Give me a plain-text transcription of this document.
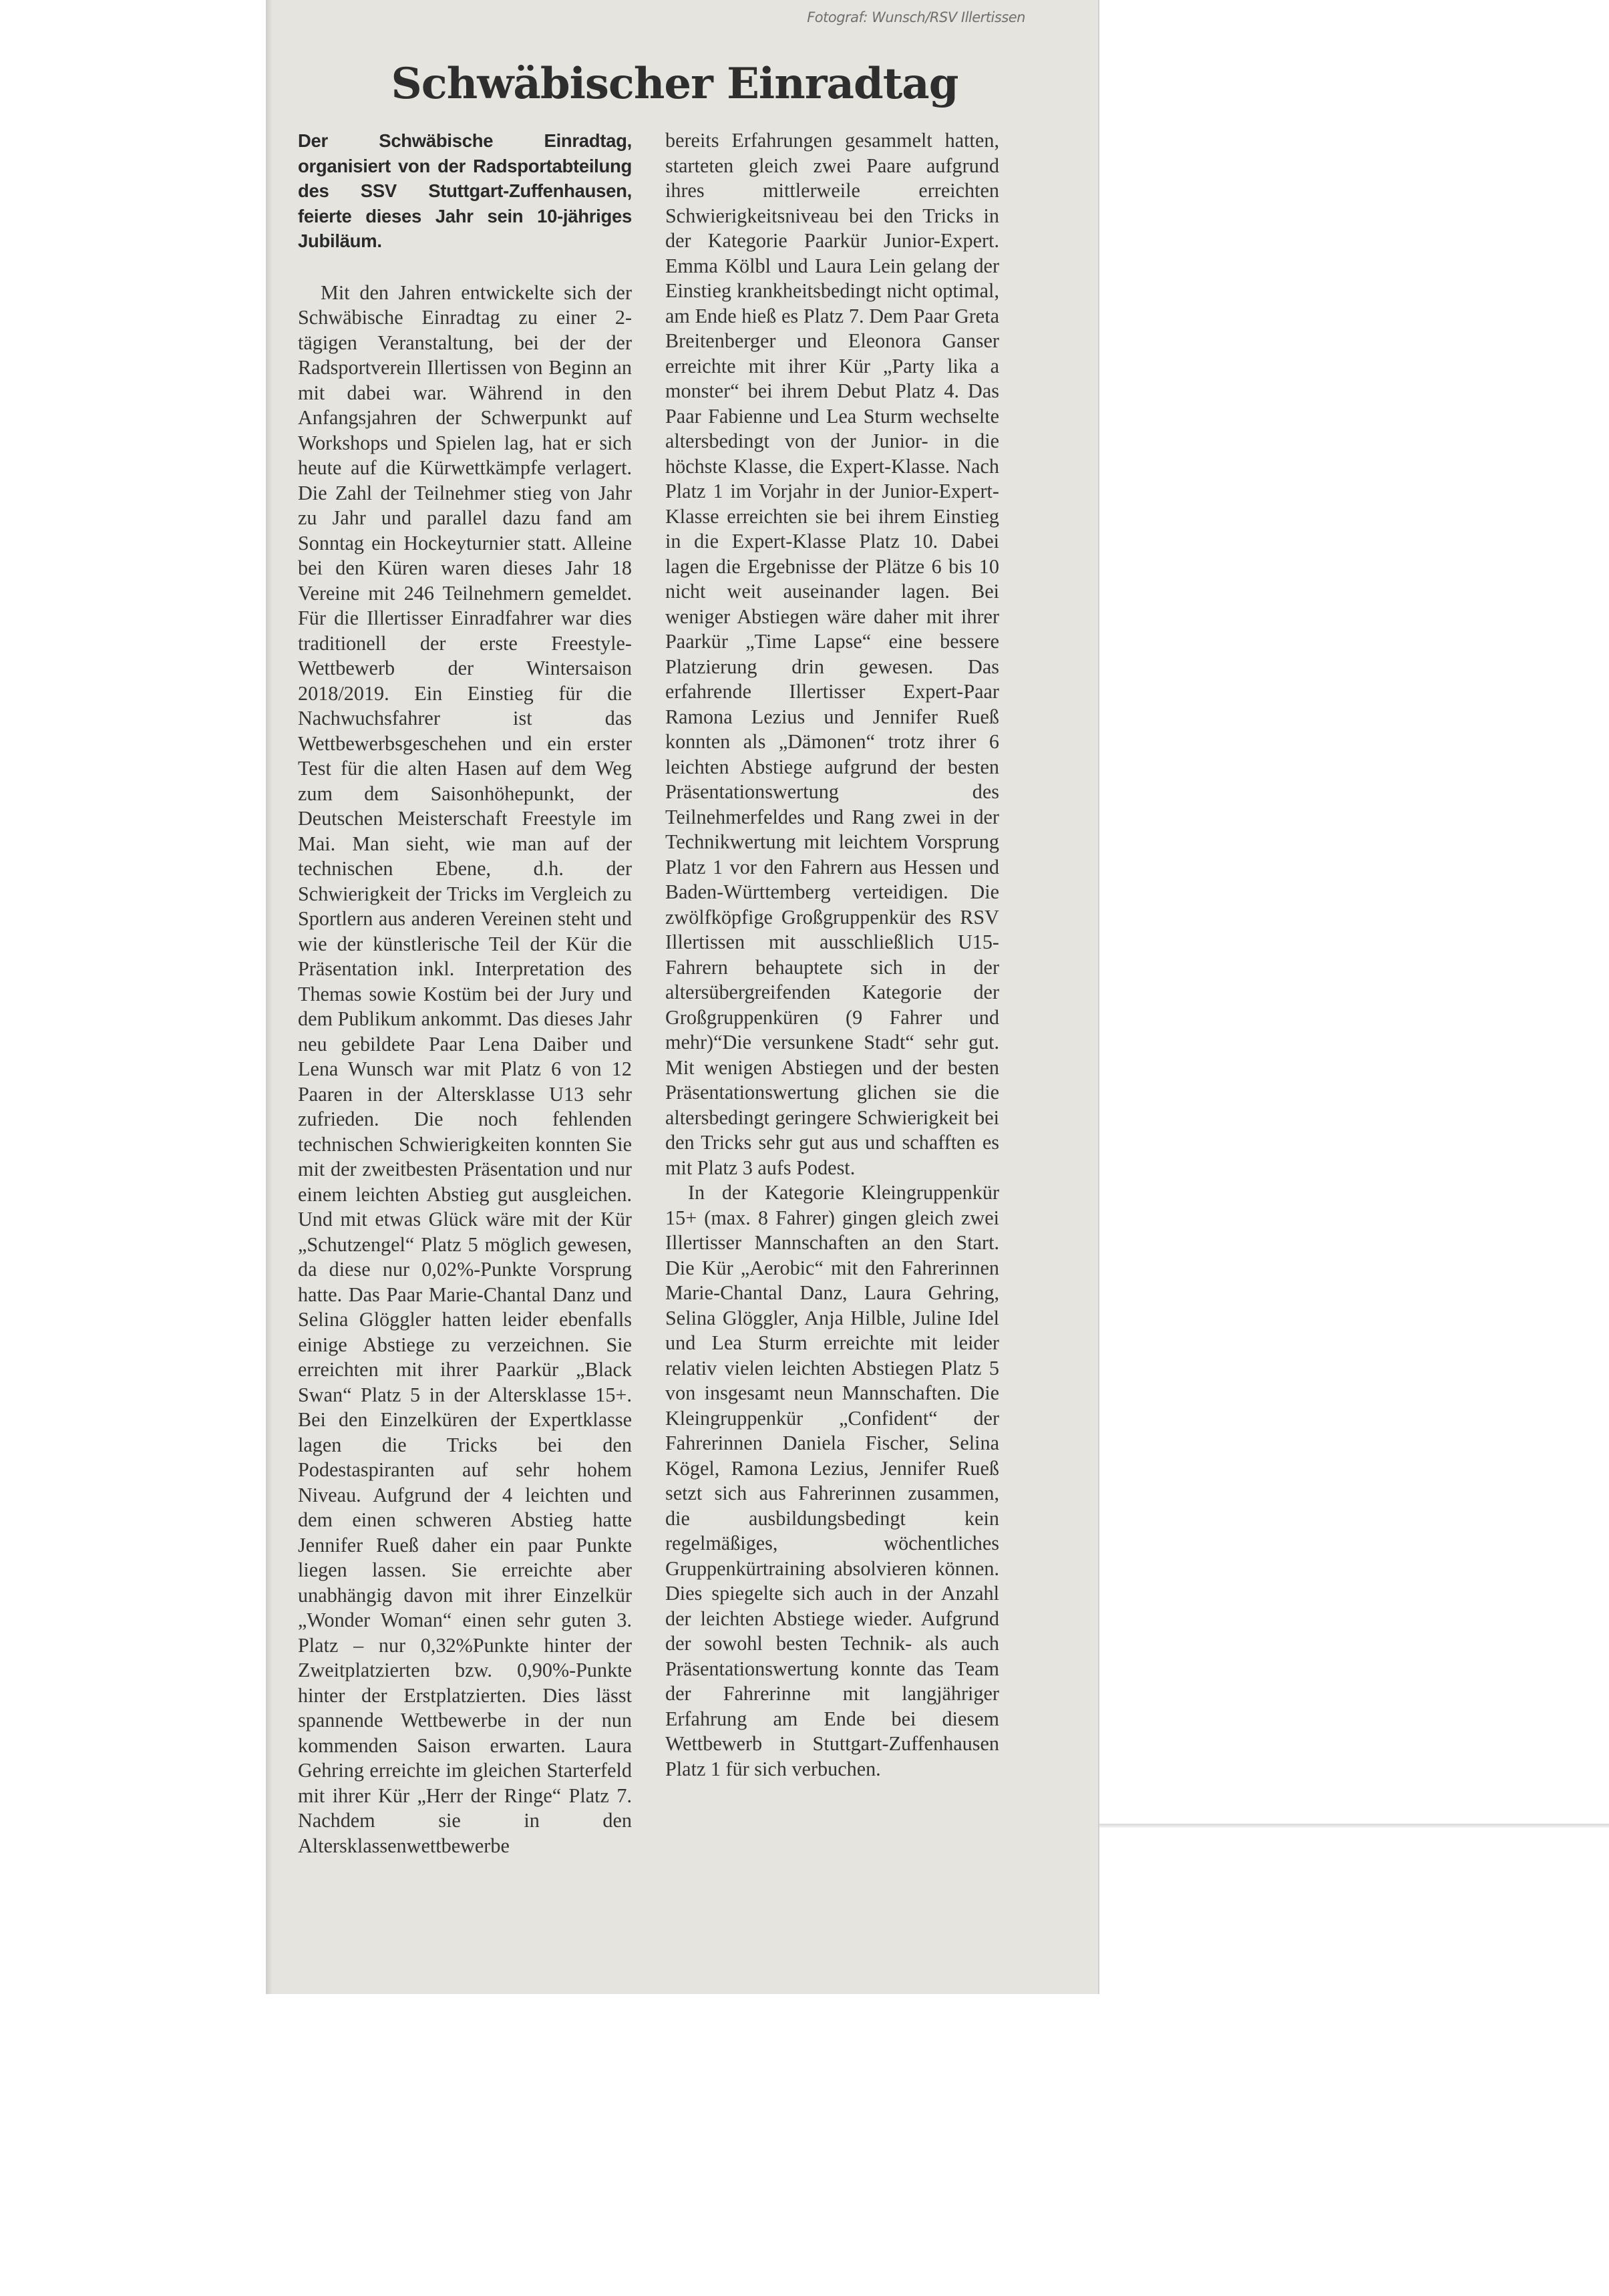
Fotograf: Wunsch/RSV Illertissen
Schwäbischer Einradtag

Der Schwäbische Einradtag, organisiert von der Radsportabteilung des SSV Stuttgart-Zuffenhausen, feierte dieses Jahr sein 10-jähriges Jubiläum.

Mit den Jahren entwickelte sich der Schwäbische Einradtag zu einer 2-tägigen Veranstaltung, bei der der Radsportverein Illertissen von Beginn an mit dabei war. Während in den Anfangsjahren der Schwerpunkt auf Workshops und Spielen lag, hat er sich heute auf die Kürwettkämpfe verlagert. Die Zahl der Teilnehmer stieg von Jahr zu Jahr und parallel dazu fand am Sonntag ein Hockeyturnier statt. Alleine bei den Küren waren dieses Jahr 18 Vereine mit 246 Teilnehmern gemeldet. Für die Illertisser Einradfahrer war dies traditionell der erste Freestyle-Wettbewerb der Wintersaison 2018/2019. Ein Einstieg für die Nachwuchsfahrer ist das Wettbewerbsgeschehen und ein erster Test für die alten Hasen auf dem Weg zum dem Saisonhöhepunkt, der Deutschen Meisterschaft Freestyle im Mai. Man sieht, wie man auf der technischen Ebene, d.h. der Schwierigkeit der Tricks im Vergleich zu Sportlern aus anderen Vereinen steht und wie der künstlerische Teil der Kür die Präsentation inkl. Interpretation des Themas sowie Kostüm bei der Jury und dem Publikum ankommt. Das dieses Jahr neu gebildete Paar Lena Daiber und Lena Wunsch war mit Platz 6 von 12 Paaren in der Altersklasse U13 sehr zufrieden. Die noch fehlenden technischen Schwierigkeiten konnten Sie mit der zweitbesten Präsentation und nur einem leichten Abstieg gut ausgleichen. Und mit etwas Glück wäre mit der Kür „Schutzengel“ Platz 5 möglich gewesen, da diese nur 0,02%-Punkte Vorsprung hatte. Das Paar Marie-Chantal Danz und Selina Glöggler hatten leider ebenfalls einige Abstiege zu verzeichnen. Sie erreichten mit ihrer Paarkür „Black Swan“ Platz 5 in der Altersklasse 15+. Bei den Einzelküren der Expertklasse lagen die Tricks bei den Podestaspiranten auf sehr hohem Niveau. Aufgrund der 4 leichten und dem einen schweren Abstieg hatte Jennifer Rueß daher ein paar Punkte liegen lassen. Sie erreichte aber unabhängig davon mit ihrer Einzelkür „Wonder Woman“ einen sehr guten 3. Platz – nur 0,32%Punkte hinter der Zweitplatzierten bzw. 0,90%-Punkte hinter der Erstplatzierten. Dies lässt spannende Wettbewerbe in der nun kommenden Saison erwarten. Laura Gehring erreichte im gleichen Starterfeld mit ihrer Kür „Herr der Ringe“ Platz 7. Nachdem sie in den Altersklassenwettbewerbe

bereits Erfahrungen gesammelt hatten, starteten gleich zwei Paare aufgrund ihres mittlerweile erreichten Schwierigkeitsniveau bei den Tricks in der Kategorie Paarkür Junior-Expert. Emma Kölbl und Laura Lein gelang der Einstieg krankheitsbedingt nicht optimal, am Ende hieß es Platz 7. Dem Paar Greta Breitenberger und Eleonora Ganser erreichte mit ihrer Kür „Party lika a monster“ bei ihrem Debut Platz 4. Das Paar Fabienne und Lea Sturm wechselte altersbedingt von der Junior- in die höchste Klasse, die Expert-Klasse. Nach Platz 1 im Vorjahr in der Junior-Expert-Klasse erreichten sie bei ihrem Einstieg in die Expert-Klasse Platz 10. Dabei lagen die Ergebnisse der Plätze 6 bis 10 nicht weit auseinander lagen. Bei weniger Abstiegen wäre daher mit ihrer Paarkür „Time Lapse“ eine bessere Platzierung drin gewesen. Das erfahrende Illertisser Expert-Paar Ramona Lezius und Jennifer Rueß konnten als „Dämonen“ trotz ihrer 6 leichten Abstiege aufgrund der besten Präsentationswertung des Teilnehmerfeldes und Rang zwei in der Technikwertung mit leichtem Vorsprung Platz 1 vor den Fahrern aus Hessen und Baden-Württemberg verteidigen. Die zwölfköpfige Großgruppenkür des RSV Illertissen mit ausschließlich U15-Fahrern behauptete sich in der altersübergreifenden Kategorie der Großgruppenküren (9 Fahrer und mehr)“Die versunkene Stadt“ sehr gut. Mit wenigen Abstiegen und der besten Präsentationswertung glichen sie die altersbedingt geringere Schwierigkeit bei den Tricks sehr gut aus und schafften es mit Platz 3 aufs Podest.

In der Kategorie Kleingruppenkür 15+ (max. 8 Fahrer) gingen gleich zwei Illertisser Mannschaften an den Start. Die Kür „Aerobic“ mit den Fahrerinnen Marie-Chantal Danz, Laura Gehring, Selina Glöggler, Anja Hilble, Juline Idel und Lea Sturm erreichte mit leider relativ vielen leichten Abstiegen Platz 5 von insgesamt neun Mannschaften. Die Kleingruppenkür „Confident“ der Fahrerinnen Daniela Fischer, Selina Kögel, Ramona Lezius, Jennifer Rueß setzt sich aus Fahrerinnen zusammen, die ausbildungsbedingt kein regelmäßiges, wöchentliches Gruppenkürtraining absolvieren können. Dies spiegelte sich auch in der Anzahl der leichten Abstiege wieder. Aufgrund der sowohl besten Technik- als auch Präsentationswertung konnte das Team der Fahrerinne mit langjähriger Erfahrung am Ende bei diesem Wettbewerb in Stuttgart-Zuffenhausen Platz 1 für sich verbuchen.
